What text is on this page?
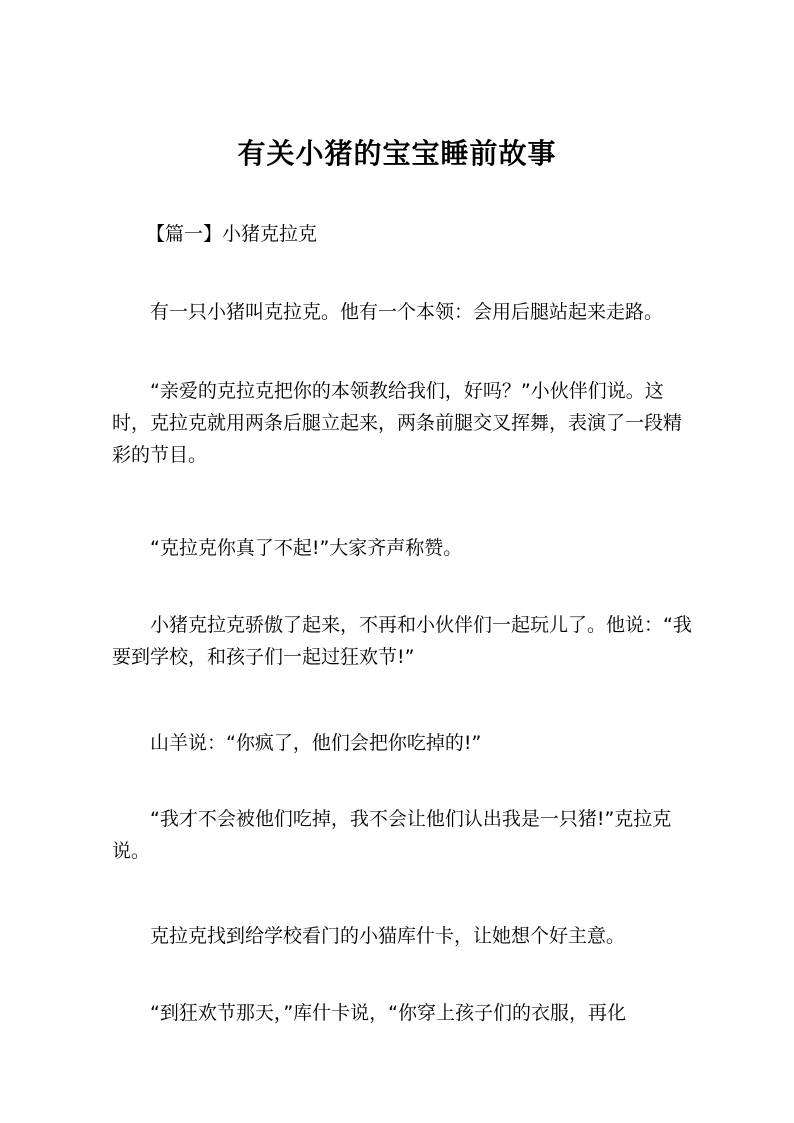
有关小猪的宝宝睡前故事

【篇一】小猪克拉克

有一只小猪叫克拉克。他有一个本领：会用后腿站起来走路。

“亲爱的克拉克把你的本领教给我们，好吗？”小伙伴们说。这时，克拉克就用两条后腿立起来，两条前腿交叉挥舞，表演了一段精彩的节目。

“克拉克你真了不起!”大家齐声称赞。

小猪克拉克骄傲了起来，不再和小伙伴们一起玩儿了。他说：“我要到学校，和孩子们一起过狂欢节!”

山羊说：“你疯了，他们会把你吃掉的!”

“我才不会被他们吃掉，我不会让他们认出我是一只猪!”克拉克说。

克拉克找到给学校看门的小猫库什卡，让她想个好主意。

“到狂欢节那天，”库什卡说，“你穿上孩子们的衣服，再化
